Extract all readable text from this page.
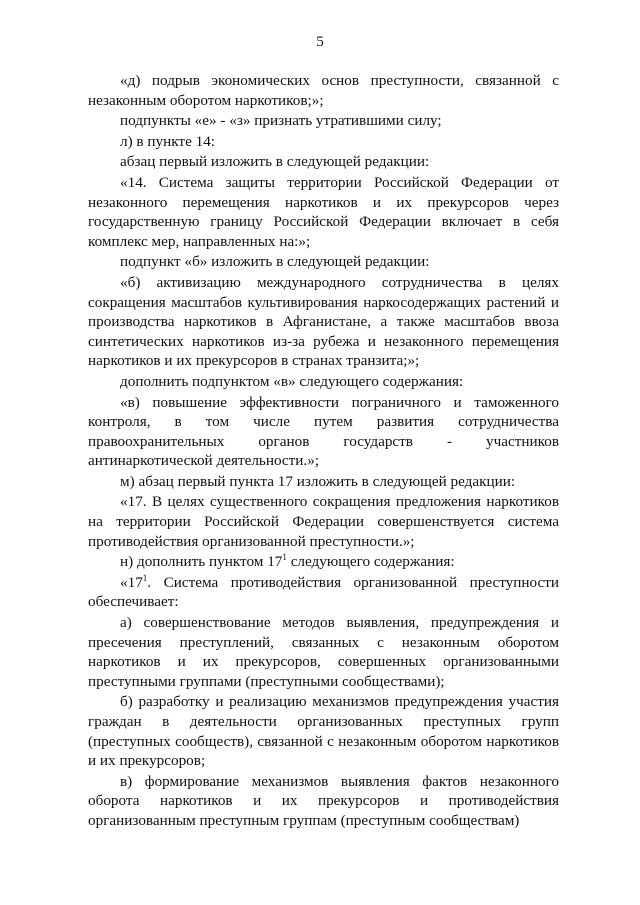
5

«д) подрыв экономических основ преступности, связанной с незаконным оборотом наркотиков;»;

подпункты «е» - «з» признать утратившими силу;

л) в пункте 14:

абзац первый изложить в следующей редакции:

«14. Система защиты территории Российской Федерации от незаконного перемещения наркотиков и их прекурсоров через государственную границу Российской Федерации включает в себя комплекс мер, направленных на:»;

подпункт «б» изложить в следующей редакции:

«б) активизацию международного сотрудничества в целях сокращения масштабов культивирования наркосодержащих растений и производства наркотиков в Афганистане, а также масштабов ввоза синтетических наркотиков из-за рубежа и незаконного перемещения наркотиков и их прекурсоров в странах транзита;»;

дополнить подпунктом «в» следующего содержания:

«в) повышение эффективности пограничного и таможенного контроля, в том числе путем развития сотрудничества правоохранительных органов государств - участников антинаркотической деятельности.»;

м) абзац первый пункта 17 изложить в следующей редакции:

«17. В целях существенного сокращения предложения наркотиков на территории Российской Федерации совершенствуется система противодействия организованной преступности.»;

н) дополнить пунктом $17^1$ следующего содержания:

«$17^1$. Система противодействия организованной преступности обеспечивает:

а) совершенствование методов выявления, предупреждения и пресечения преступлений, связанных с незаконным оборотом наркотиков и их прекурсоров, совершенных организованными преступными группами (преступными сообществами);

б) разработку и реализацию механизмов предупреждения участия граждан в деятельности организованных преступных групп (преступных сообществ), связанной с незаконным оборотом наркотиков и их прекурсоров;

в) формирование механизмов выявления фактов незаконного оборота наркотиков и их прекурсоров и противодействия организованным преступным группам (преступным сообществам)
